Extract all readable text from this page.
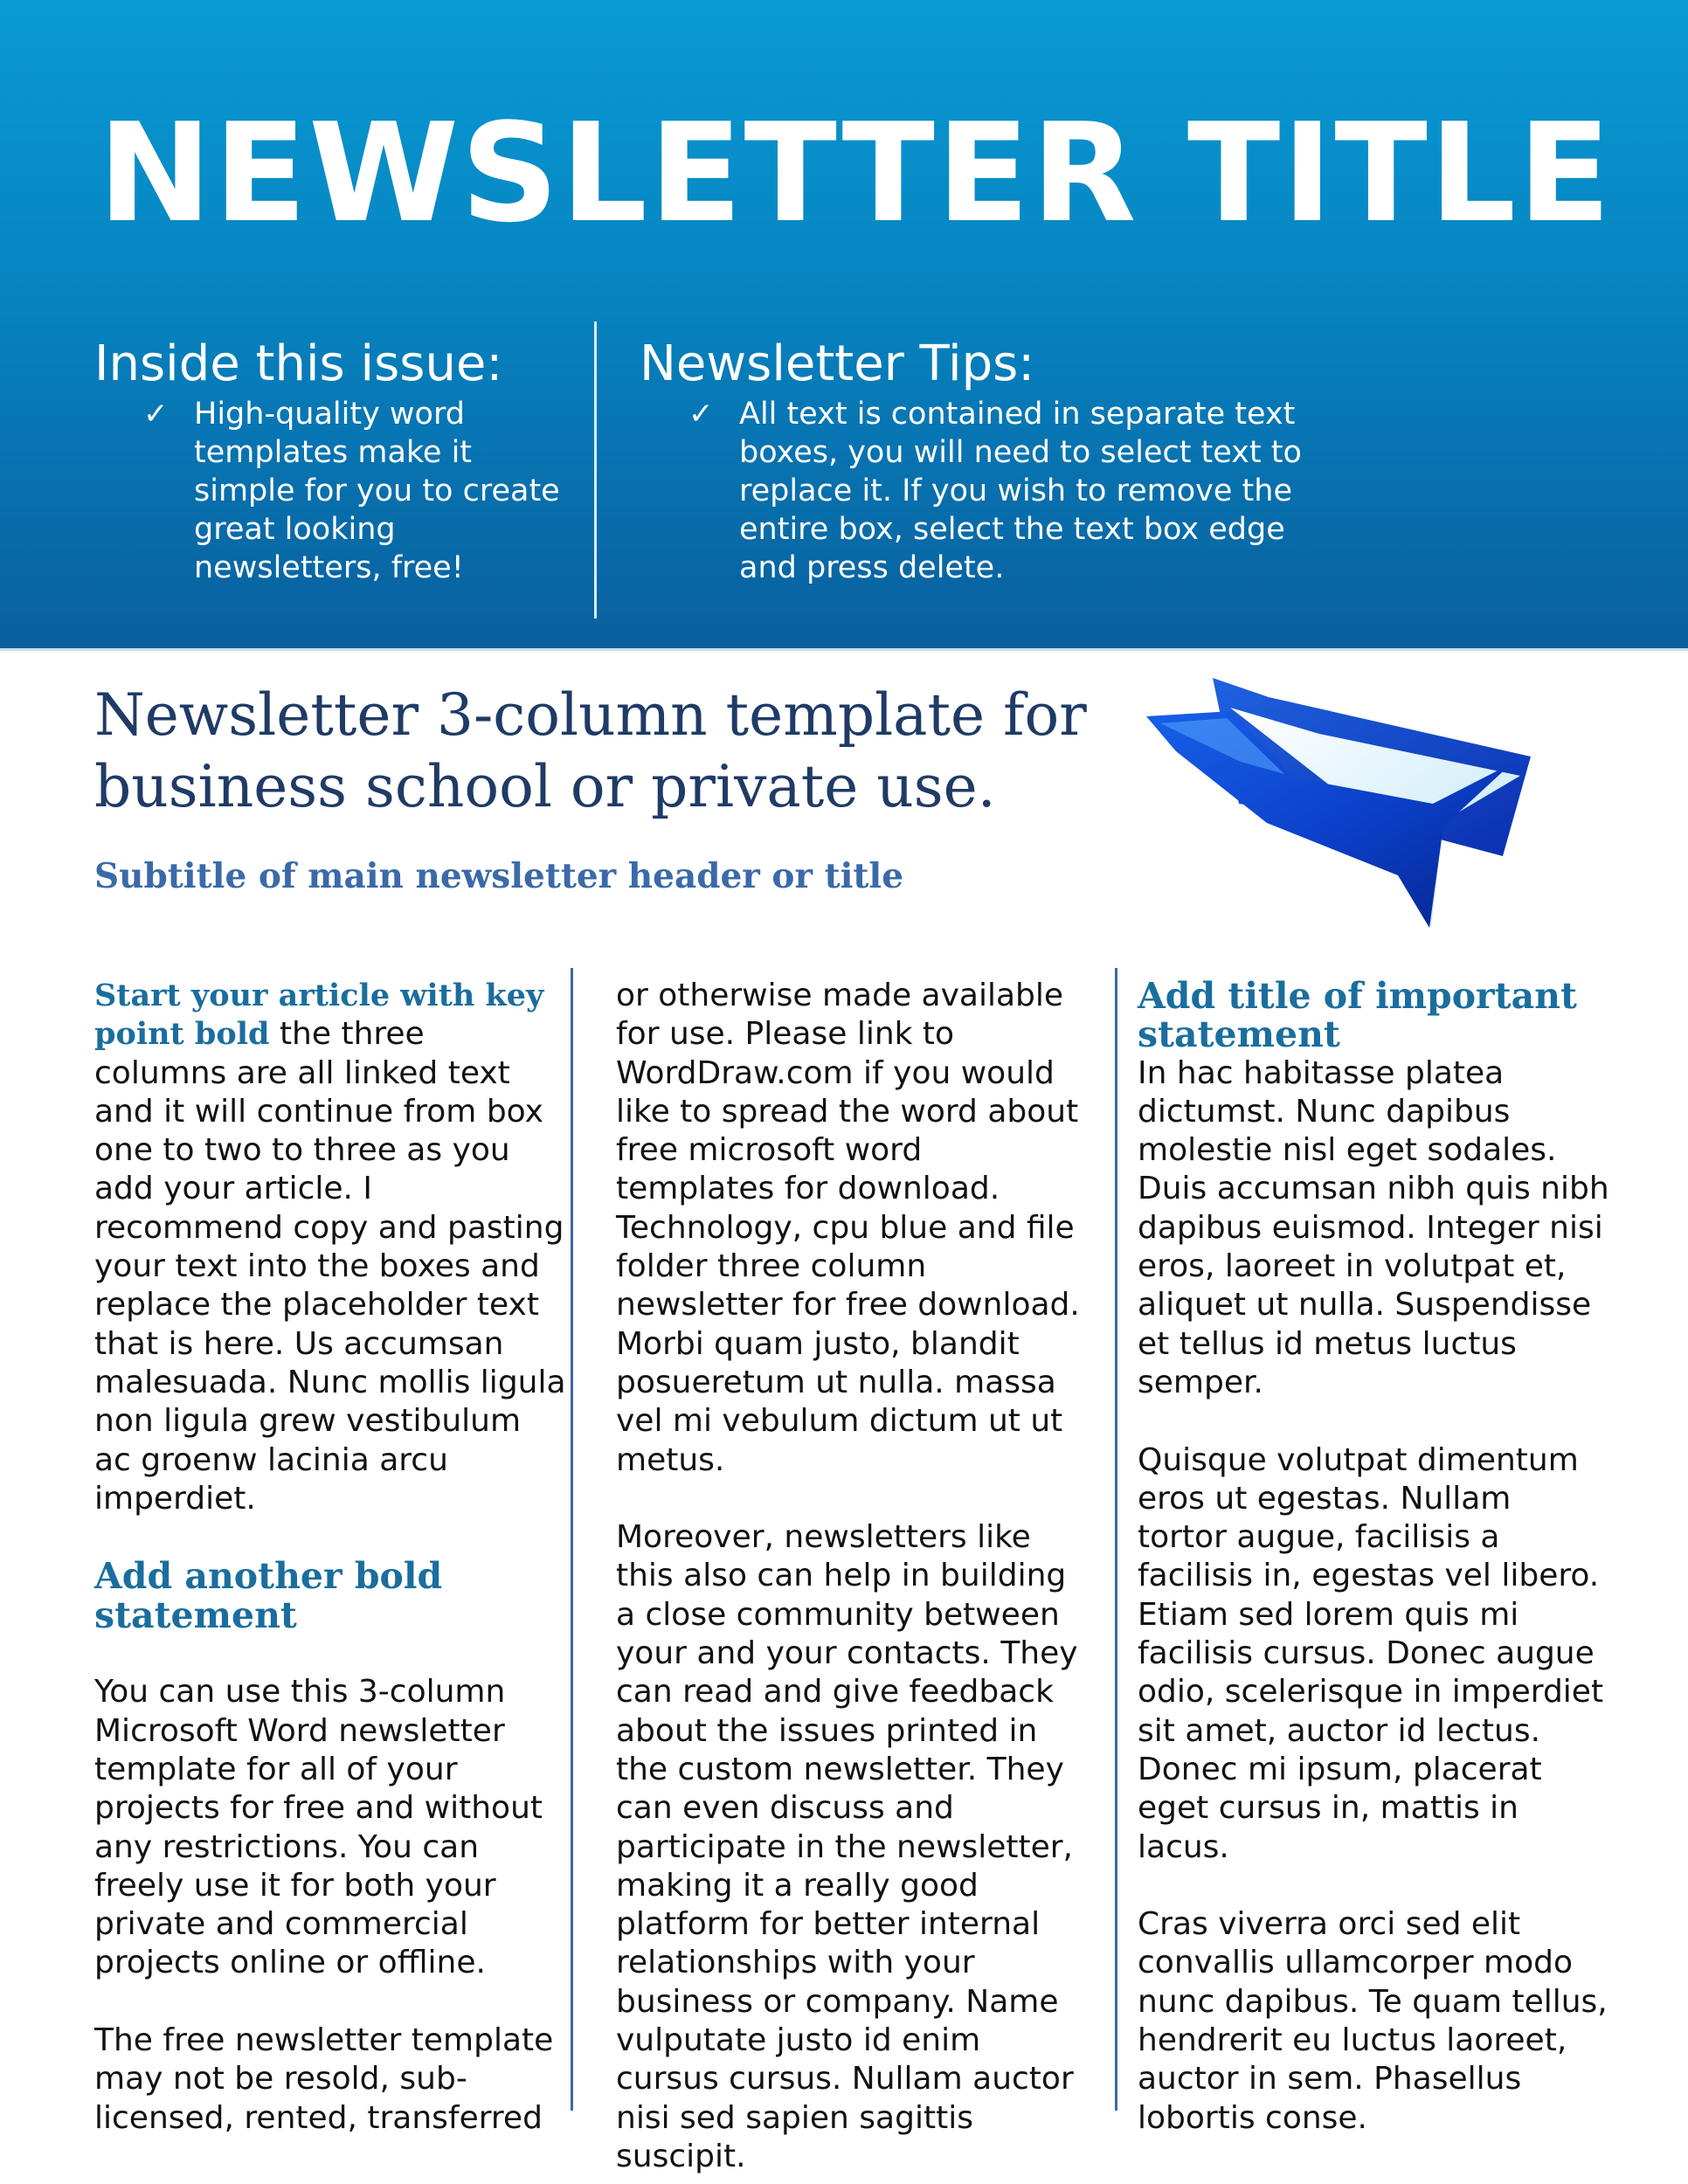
NEWSLETTER TITLE
Inside this issue:

✓ High-quality word templates make it simple for you to create great looking newsletters, free!

Newsletter Tips:

✓ All text is contained in separate text boxes, you will need to select text to replace it. If you wish to remove the entire box, select the text box edge and press delete.

Newsletter 3-column template for business school or private use.
Subtitle of main newsletter header or title

Start your article with key point bold the three columns are all linked text and it will continue from box one to two to three as you add your article. I recommend copy and pasting your text into the boxes and replace the placeholder text that is here. Us accumsan malesuada. Nunc mollis ligula non ligula grew vestibulum ac groenw lacinia arcu imperdiet.

Add another bold statement

You can use this 3-column Microsoft Word newsletter template for all of your projects for free and without any restrictions. You can freely use it for both your private and commercial projects online or offline.

The free newsletter template may not be resold, sub-licensed, rented, transferred

or otherwise made available for use. Please link to WordDraw.com if you would like to spread the word about free microsoft word templates for download. Technology, cpu blue and file folder three column newsletter for free download. Morbi quam justo, blandit posueretum ut nulla. massa vel mi vebulum dictum ut ut metus.

Moreover, newsletters like this also can help in building a close community between your and your contacts. They can read and give feedback about the issues printed in the custom newsletter. They can even discuss and participate in the newsletter, making it a really good platform for better internal relationships with your business or company. Name vulputate justo id enim cursus cursus. Nullam auctor nisi sed sapien sagittis suscipit.

Add title of important statement

In hac habitasse platea dictumst. Nunc dapibus molestie nisl eget sodales. Duis accumsan nibh quis nibh dapibus euismod. Integer nisi eros, laoreet in volutpat et, aliquet ut nulla. Suspendisse et tellus id metus luctus semper.

Quisque volutpat dimentum eros ut egestas. Nullam tortor augue, facilisis a facilisis in, egestas vel libero. Etiam sed lorem quis mi facilisis cursus. Donec augue odio, scelerisque in imperdiet sit amet, auctor id lectus. Donec mi ipsum, placerat eget cursus in, mattis in lacus.

Cras viverra orci sed elit convallis ullamcorper modo nunc dapibus. Te quam tellus, hendrerit eu luctus laoreet, auctor in sem. Phasellus lobortis conse.
